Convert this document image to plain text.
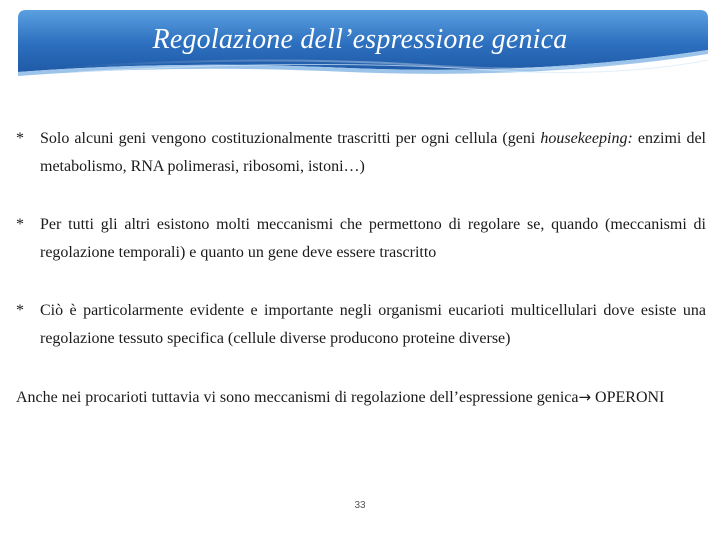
Regolazione dell’espressione genica

* Solo alcuni geni vengono costituzionalmente trascritti per ogni cellula (geni housekeeping: enzimi del metabolismo, RNA polimerasi, ribosomi, istoni…)

* Per tutti gli altri esistono molti meccanismi che permettono di regolare se, quando (meccanismi di regolazione temporali) e quanto un gene deve essere trascritto

* Ciò è particolarmente evidente e importante negli organismi eucarioti multicellulari dove esiste una regolazione tessuto specifica (cellule diverse producono proteine diverse)

Anche nei procarioti tuttavia vi sono meccanismi di regolazione dell’espressione genica→ OPERONI

33
